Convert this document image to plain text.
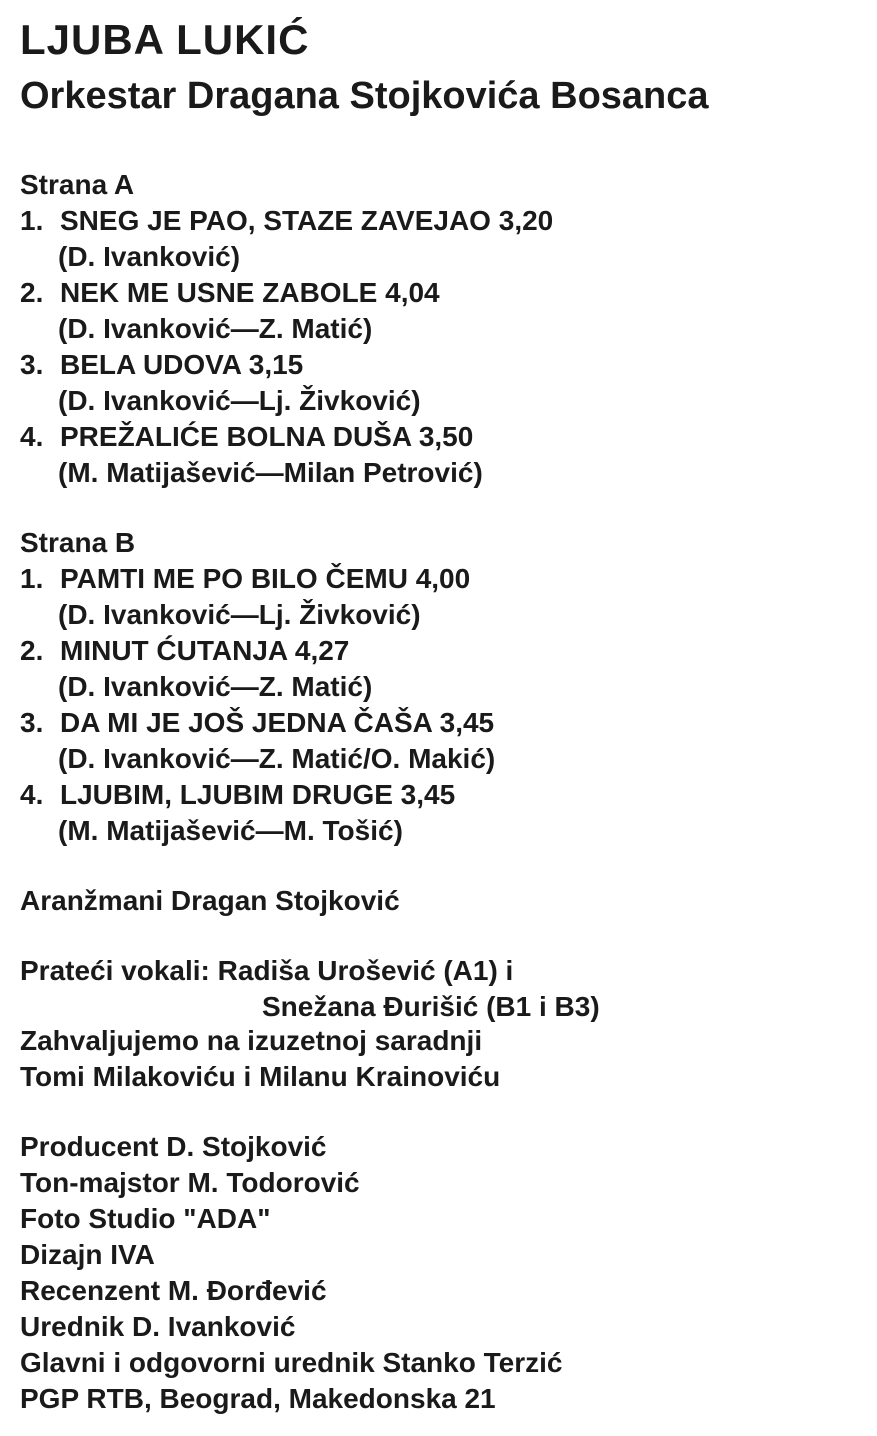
LJUBA LUKIĆ
Orkestar Dragana Stojkovića Bosanca
Strana A
1. SNEG JE PAO, STAZE ZAVEJAO 3,20
(D. Ivanković)
2. NEK ME USNE ZABOLE 4,04
(D. Ivanković—Z. Matić)
3. BELA UDOVA 3,15
(D. Ivanković—Lj. Živković)
4. PREŽALIĆE BOLNA DUŠA 3,50
(M. Matijašević—Milan Petrović)
Strana B
1. PAMTI ME PO BILO ČEMU 4,00
(D. Ivanković—Lj. Živković)
2. MINUT ĆUTANJA 4,27
(D. Ivanković—Z. Matić)
3. DA MI JE JOŠ JEDNA ČAŠA 3,45
(D. Ivanković—Z. Matić/O. Makić)
4. LJUBIM, LJUBIM DRUGE 3,45
(M. Matijašević—M. Tošić)
Aranžmani Dragan Stojković
Prateći vokali: Radiša Urošević (A1) i
Snežana Đurišić (B1 i B3)
Zahvaljujemo na izuzetnoj saradnji
Tomi Milakoviću i Milanu Krainoviću
Producent D. Stojković
Ton-majstor M. Todorović
Foto Studio "ADA"
Dizajn IVA
Recenzent M. Đorđević
Urednik D. Ivanković
Glavni i odgovorni urednik Stanko Terzić
PGP RTB, Beograd, Makedonska 21
